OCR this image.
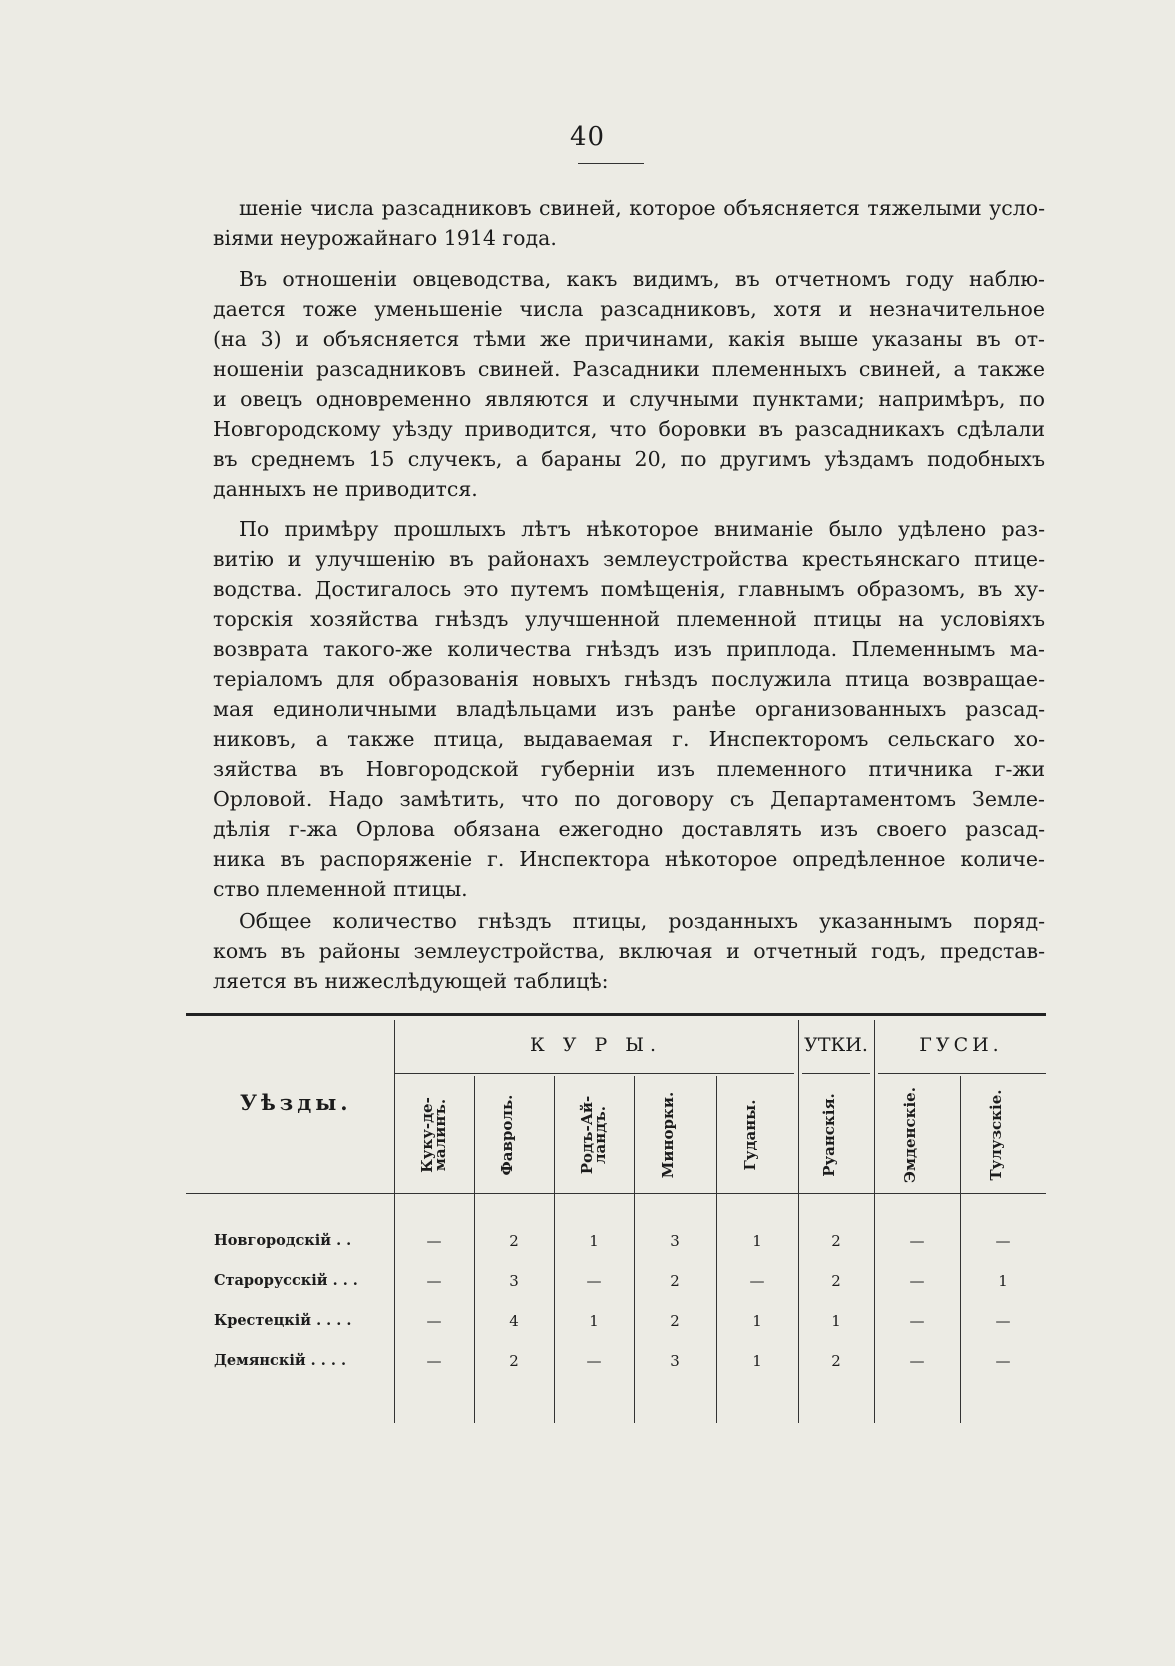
40

шеніе числа разсадниковъ свиней, которое объясняется тяжелыми усло-
віями неурожайнаго 1914 года.

Въ отношеніи овцеводства, какъ видимъ, въ отчетномъ году наблю-
дается тоже уменьшеніе числа разсадниковъ, хотя и незначительное
(на 3) и объясняется тѣми же причинами, какія выше указаны въ от-
ношеніи разсадниковъ свиней. Разсадники племенныхъ свиней, а также
и овецъ одновременно являются и случными пунктами; напримѣръ, по
Новгородскому уѣзду приводится, что боровки въ разсадникахъ сдѣлали
въ среднемъ 15 случекъ, а бараны 20, по другимъ уѣздамъ подобныхъ
данныхъ не приводится.

По примѣру прошлыхъ лѣтъ нѣкоторое вниманіе было удѣлено раз-
витію и улучшенію въ районахъ землеустройства крестьянскаго птице-
водства. Достигалось это путемъ помѣщенія, главнымъ образомъ, въ ху-
торскія хозяйства гнѣздъ улучшенной племенной птицы на условіяхъ
возврата такого-же количества гнѣздъ изъ приплода. Племеннымъ ма-
теріаломъ для образованія новыхъ гнѣздъ послужила птица возвращае-
мая единоличными владѣльцами изъ ранѣе организованныхъ разсад-
никовъ, а также птица, выдаваемая г. Инспекторомъ сельскаго хо-
зяйства въ Новгородской губерніи изъ племенного птичника г-жи
Орловой. Надо замѣтить, что по договору съ Департаментомъ Земле-
дѣлія г-жа Орлова обязана ежегодно доставлять изъ своего разсад-
ника въ распоряженіе г. Инспектора нѣкоторое опредѣленное количе-
ство племенной птицы.

Общее количество гнѣздъ птицы, розданныхъ указаннымъ поряд-
комъ въ районы землеустройства, включая и отчетный годъ, представ-
ляется въ нижеслѣдующей таблицѣ:

К У Р Ы.	УТКИ.	ГУСИ.
Уѣзды.	Куку-де-малинъ.	Фавроль.	Родъ-Ай-ландъ.	Минорки.	Гуданы.	Руанскія.	Эмденскіе.	Тулузскіе.
Новгородскій . .	—	2	1	3	1	2	—	—
Старорусскій . . .	—	3	—	2	—	2	—	1
Крестецкій . . . .	—	4	1	2	1	1	—	—
Демянскій . . . .	—	2	—	3	1	2	—	—
